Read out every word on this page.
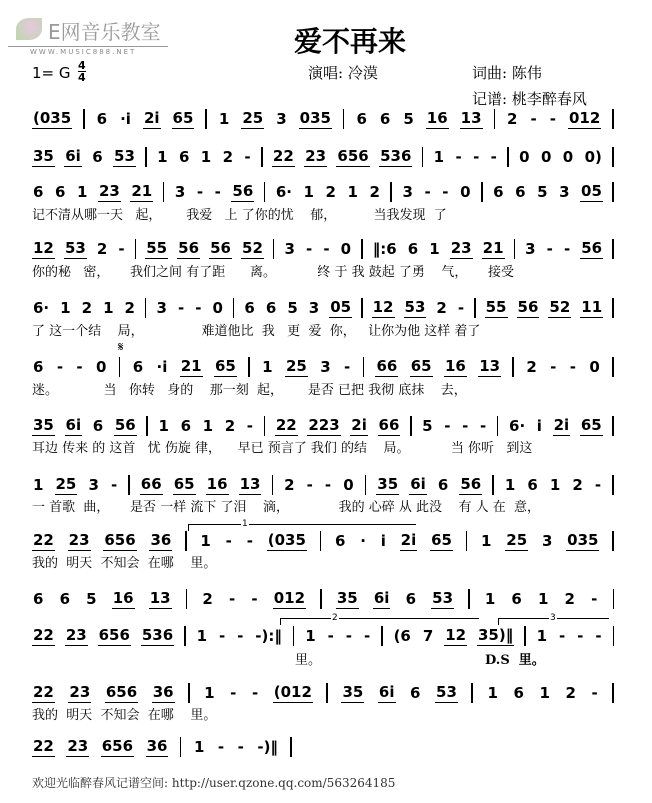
E网音乐教室
WWW.MUSIC888.NET	爱不再来
1= G 4
4	演唱: 冷漠	词曲: 陈伟
记谱: 桃李醉春风
(035 6 ·i 2i 65 1 25 3 035 6 6 5 16 13 2 - - 012
35 6i 6 53 1 6 1 2 - 22 23 656 536 1 - - - 0 0 0 0)
6 6 1 23 21 3 - - 56 6· 1 2 1 2 3 - - 0 6 6 5 3 05
记不清从哪一天   起，      我爱   上 了你的忧    郁，         当我发现  了
12 53 2 - 55 56 56 52 3 - - 0 ‖:6 6 1 23 21 3 - - 56
你的秘   密，     我们之间 有了距      离。          终 于 我 鼓起 了勇    气，     接受
6· 1 2 1 2 3 - - 0 6 6 5 3 05 12 53 2 - 55 56 52 11
了 这一个结    局，              难道他比  我   更  爱  你，   让你为他 这样 着了
6 - - 0 6 ·i 21 65 1 25 3 - 66 65 16 13 2 - - 0
迷。           当   你转   身的    那一刻  起，      是否 已把 我彻 底抹    去，
35 6i 6 56 1 6 1 2 - 22 223 2i 66 5 - - - 6· i 2i 65
耳边 传来 的 这首   忧 伤旋 律，    早已 预言了 我们 的结    局。          当 你听   到这
1 25 3 - 66 65 16 13 2 - - 0 35 6i 6 56 1 6 1 2 -
一 首歌  曲，     是否 一样 流下 了泪    滴，            我的 心碎 从 此没    有 人 在  意，
22 23 656 36 1 - - (035 6 · i 2i 65 1 25 3 035
我的  明天  不知会  在哪    里。
6 6 5 16 13 2 - - 012 35 6i 6 53 1 6 1 2 -
22 23 656 536 1 - - -):‖ 1 - - - (6 7 12 35)‖ 1 - - -
22 23 656 36 1 - - (012 35 6i 6 53 1 6 1 2 -
我的  明天  不知会  在哪    里。
22 23 656 36 1 - - -)‖
𝄋
1
2	3
里。	D.S  里。
欢迎光临醉春风记谱空间: http://user.qzone.qq.com/563264185
